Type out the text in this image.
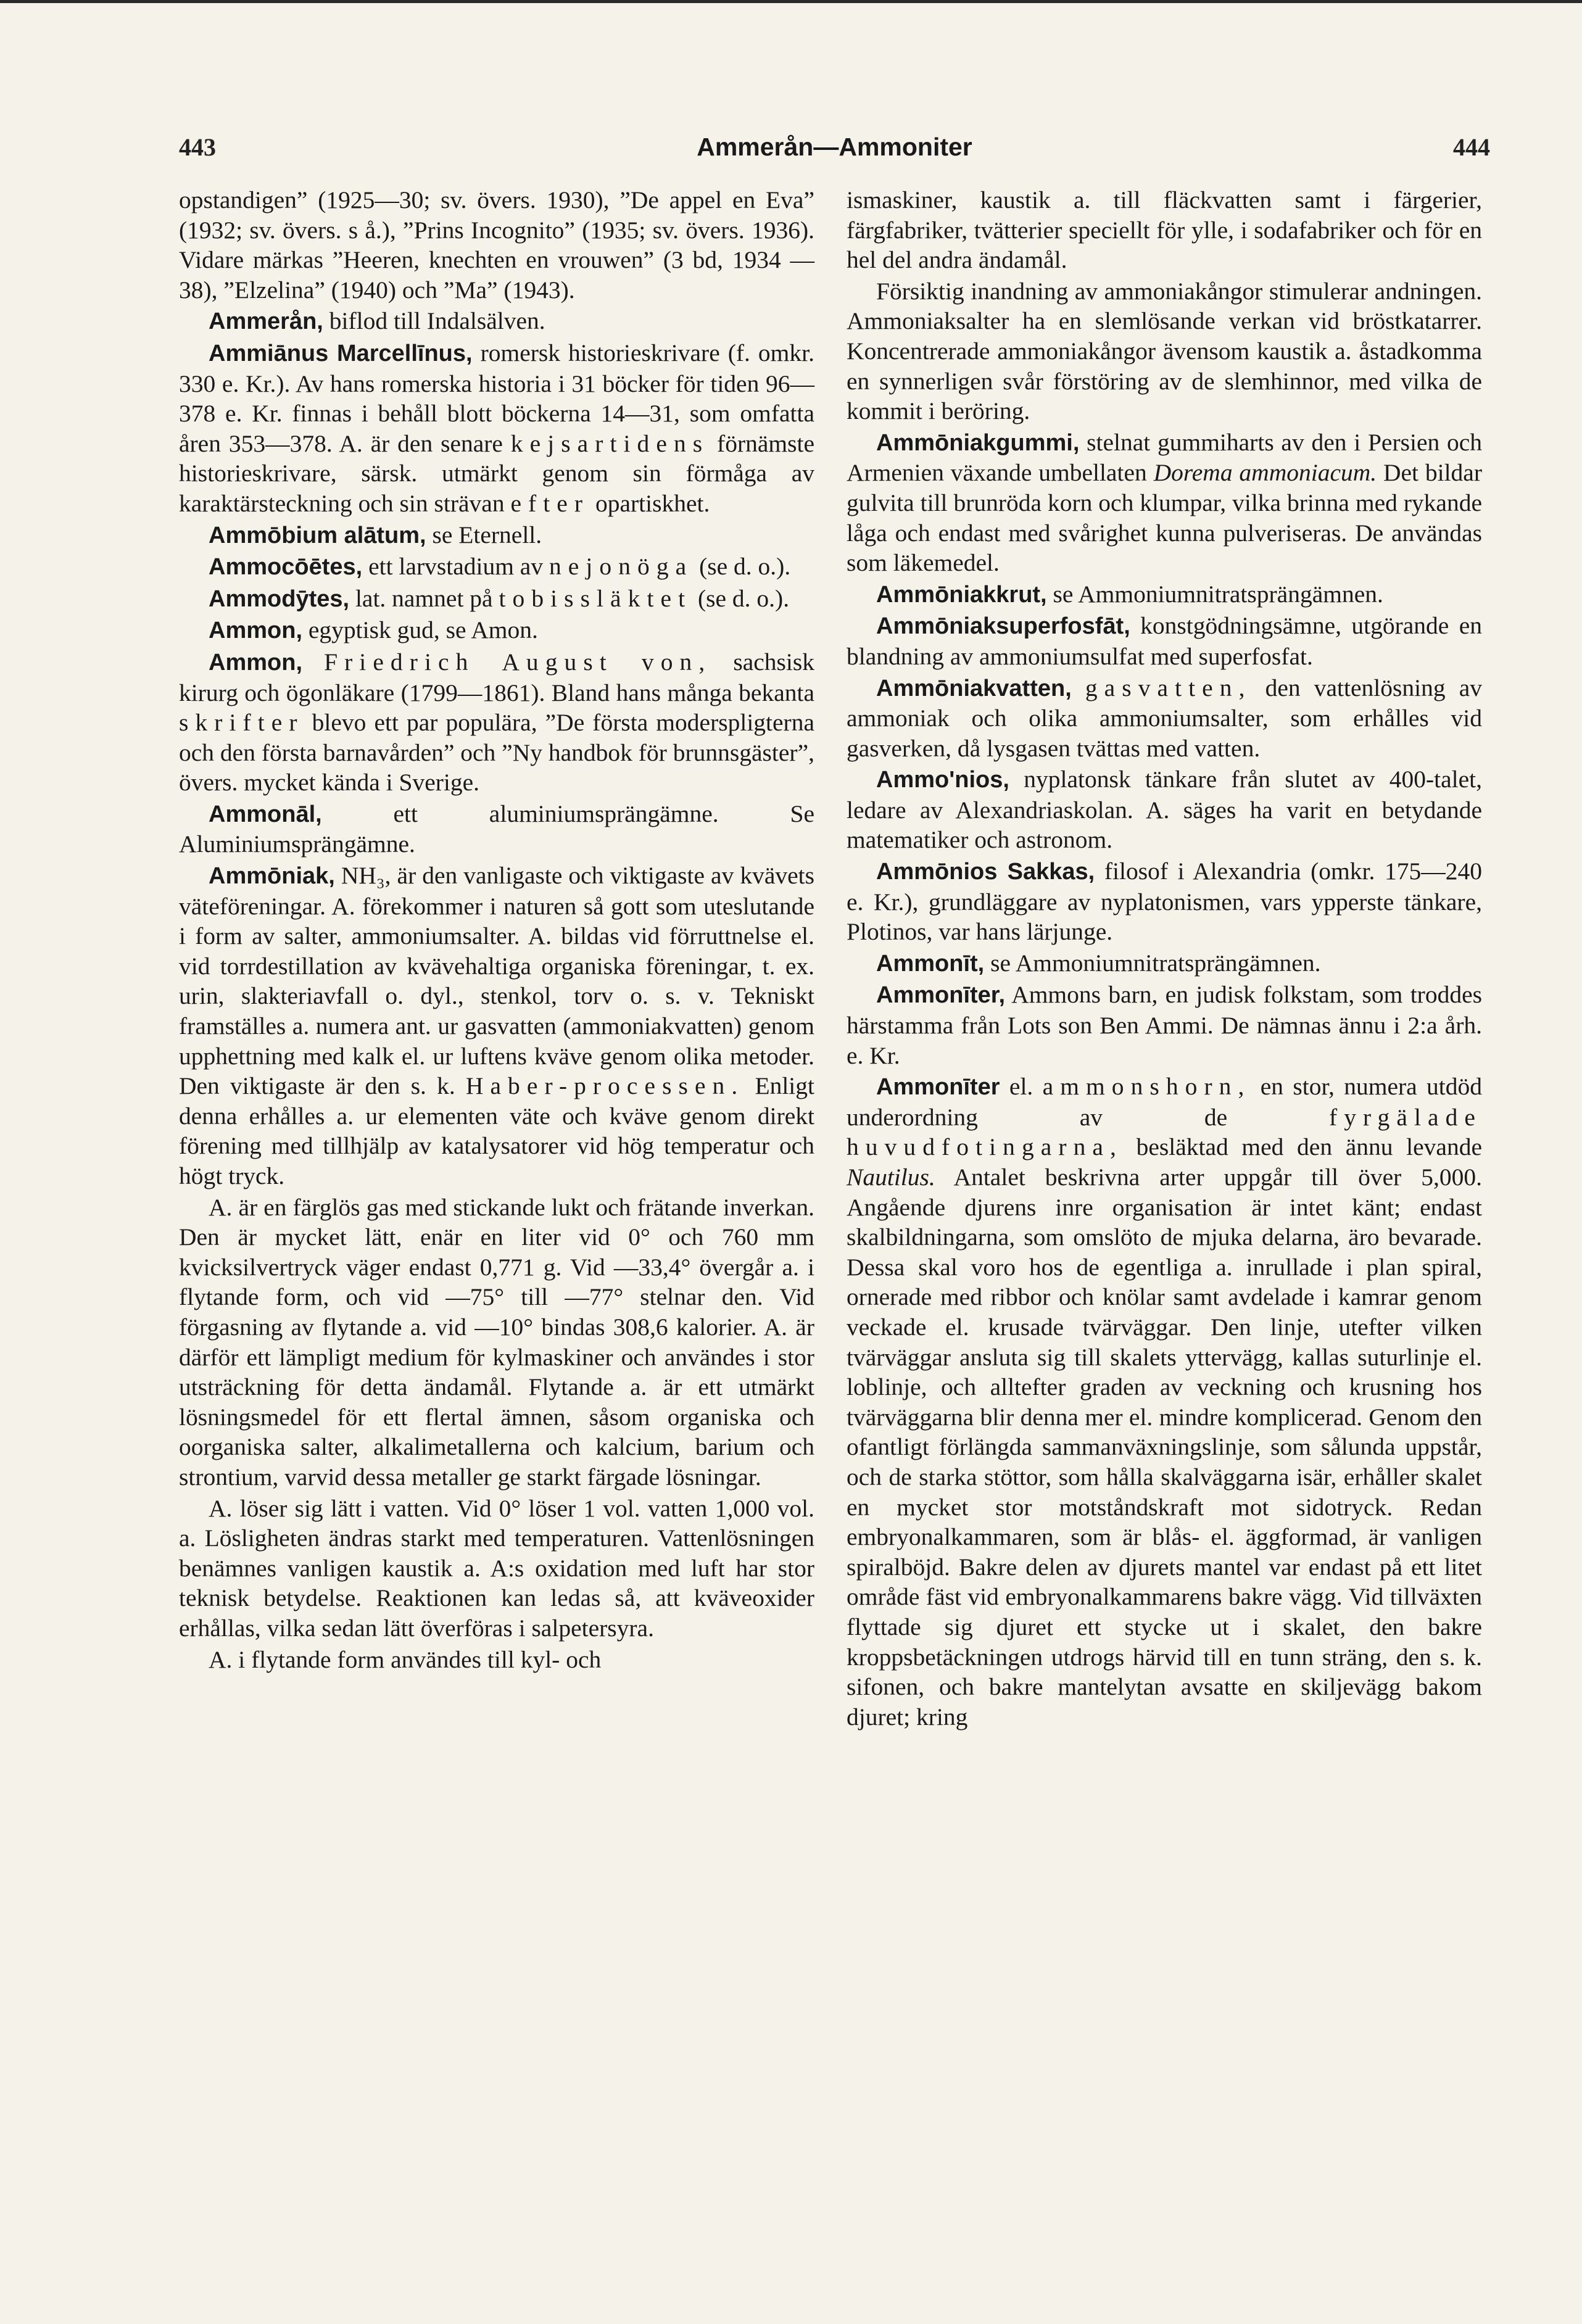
443	Ammerån—Ammoniter	444

opstandigen” (1925—30; sv. övers. 1930), ”De appel en Eva” (1932; sv. övers. s å.), ”Prins Incognito” (1935; sv. övers. 1936). Vidare märkas ”Heeren, knechten en vrouwen” (3 bd, 1934 —38), ”Elzelina” (1940) och ”Ma” (1943).

Ammerån, biflod till Indalsälven.

Ammiānus Marcellīnus, romersk historieskrivare (f. omkr. 330 e. Kr.). Av hans romerska historia i 31 böcker för tiden 96—378 e. Kr. finnas i behåll blott böckerna 14—31, som omfatta åren 353—378. A. är den senare kejsartidens förnämste historieskrivare, särsk. utmärkt genom sin förmåga av karaktärsteckning och sin strävan efter opartiskhet.

Ammōbium alātum, se Eternell.

Ammocōētes, ett larvstadium av nejonöga (se d. o.).

Ammodȳtes, lat. namnet på tobissläktet (se d. o.).

Ammon, egyptisk gud, se Amon.

Ammon, Friedrich August von, sachsisk kirurg och ögonläkare (1799—1861). Bland hans många bekanta skrifter blevo ett par populära, ”De första moderspligterna och den första barnavården” och ”Ny handbok för brunnsgäster”, övers. mycket kända i Sverige.

Ammonāl, ett aluminiumsprängämne. Se Aluminiumsprängämne.

Ammōniak, NH₃, är den vanligaste och viktigaste av kvävets väteföreningar. A. förekommer i naturen så gott som uteslutande i form av salter, ammoniumsalter. A. bildas vid förruttnelse el. vid torrdestillation av kvävehaltiga organiska föreningar, t. ex. urin, slakteriavfall o. dyl., stenkol, torv o. s. v. Tekniskt framställes a. numera ant. ur gasvatten (ammoniakvatten) genom upphettning med kalk el. ur luftens kväve genom olika metoder. Den viktigaste är den s. k. Haber-processen. Enligt denna erhålles a. ur elementen väte och kväve genom direkt förening med tillhjälp av katalysatorer vid hög temperatur och högt tryck.

A. är en färglös gas med stickande lukt och frätande inverkan. Den är mycket lätt, enär en liter vid 0° och 760 mm kvicksilvertryck väger endast 0,771 g. Vid —33,4° övergår a. i flytande form, och vid —75° till —77° stelnar den. Vid förgasning av flytande a. vid —10° bindas 308,6 kalorier. A. är därför ett lämpligt medium för kylmaskiner och användes i stor utsträckning för detta ändamål. Flytande a. är ett utmärkt lösningsmedel för ett flertal ämnen, såsom organiska och oorganiska salter, alkalimetallerna och kalcium, barium och strontium, varvid dessa metaller ge starkt färgade lösningar.

A. löser sig lätt i vatten. Vid 0° löser 1 vol. vatten 1,000 vol. a. Lösligheten ändras starkt med temperaturen. Vattenlösningen benämnes vanligen kaustik a. A:s oxidation med luft har stor teknisk betydelse. Reaktionen kan ledas så, att kväveoxider erhållas, vilka sedan lätt överföras i salpetersyra.

A. i flytande form användes till kyl- och

ismaskiner, kaustik a. till fläckvatten samt i färgerier, färgfabriker, tvätterier speciellt för ylle, i sodafabriker och för en hel del andra ändamål.

Försiktig inandning av ammoniakångor stimulerar andningen. Ammoniaksalter ha en slemlösande verkan vid bröstkatarrer. Koncentrerade ammoniakångor ävensom kaustik a. åstadkomma en synnerligen svår förstöring av de slemhinnor, med vilka de kommit i beröring.

Ammōniakgummi, stelnat gummiharts av den i Persien och Armenien växande umbellaten Dorema ammoniacum. Det bildar gulvita till brunröda korn och klumpar, vilka brinna med rykande låga och endast med svårighet kunna pulveriseras. De användas som läkemedel.

Ammōniakkrut, se Ammoniumnitratsprängämnen.

Ammōniaksuperfosfāt, konstgödningsämne, utgörande en blandning av ammoniumsulfat med superfosfat.

Ammōniakvatten, gasvatten, den vattenlösning av ammoniak och olika ammoniumsalter, som erhålles vid gasverken, då lysgasen tvättas med vatten.

Ammo'nios, nyplatonsk tänkare från slutet av 400-talet, ledare av Alexandriaskolan. A. säges ha varit en betydande matematiker och astronom.

Ammōnios Sakkas, filosof i Alexandria (omkr. 175—240 e. Kr.), grundläggare av nyplatonismen, vars ypperste tänkare, Plotinos, var hans lärjunge.

Ammonīt, se Ammoniumnitratsprängämnen.

Ammonīter, Ammons barn, en judisk folkstam, som troddes härstamma från Lots son Ben Ammi. De nämnas ännu i 2:a årh. e. Kr.

Ammonīter el. ammonshorn, en stor, numera utdöd underordning av de fyrgälade huvudfotingarna, besläktad med den ännu levande Nautilus. Antalet beskrivna arter uppgår till över 5,000. Angående djurens inre organisation är intet känt; endast skalbildningarna, som omslöto de mjuka delarna, äro bevarade. Dessa skal voro hos de egentliga a. inrullade i plan spiral, ornerade med ribbor och knölar samt avdelade i kamrar genom veckade el. krusade tvärväggar. Den linje, utefter vilken tvärväggar ansluta sig till skalets yttervägg, kallas suturlinje el. loblinje, och alltefter graden av veckning och krusning hos tvärväggarna blir denna mer el. mindre komplicerad. Genom den ofantligt förlängda sammanväxningslinje, som sålunda uppstår, och de starka stöttor, som hålla skalväggarna isär, erhåller skalet en mycket stor motståndskraft mot sidotryck. Redan embryonalkammaren, som är blås- el. äggformad, är vanligen spiralböjd. Bakre delen av djurets mantel var endast på ett litet område fäst vid embryonalkammarens bakre vägg. Vid tillväxten flyttade sig djuret ett stycke ut i skalet, den bakre kroppsbetäckningen utdrogs härvid till en tunn sträng, den s. k. sifonen, och bakre mantelytan avsatte en skiljevägg bakom djuret; kring
